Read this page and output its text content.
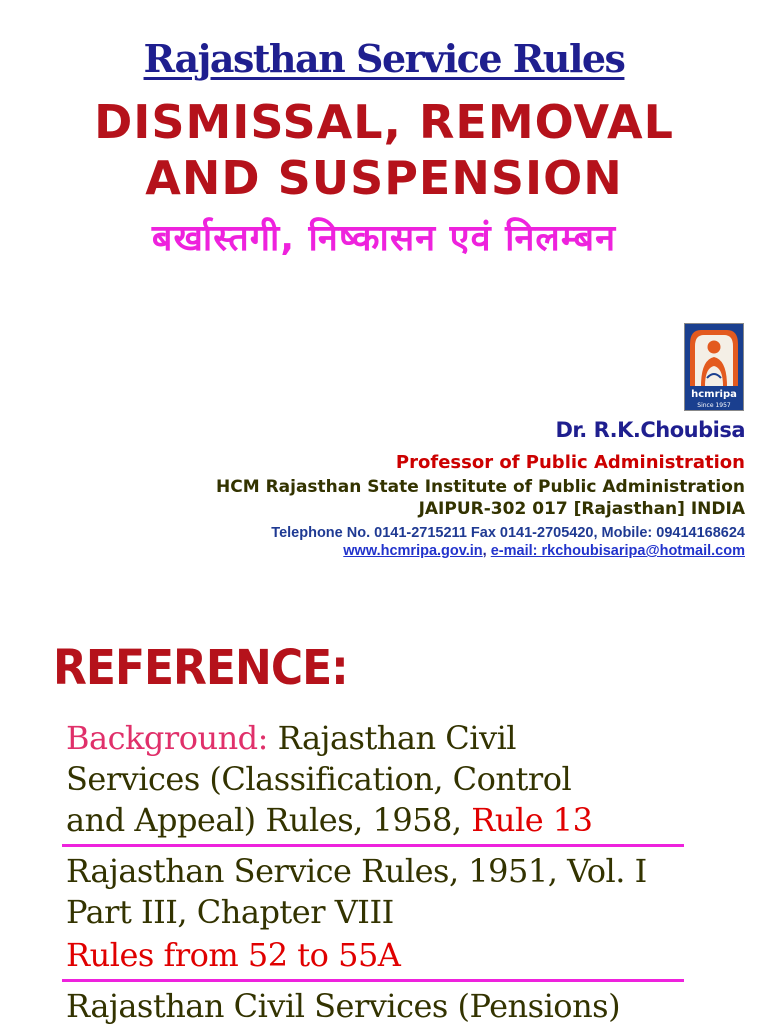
Rajasthan Service Rules
DISMISSAL, REMOVAL
AND SUSPENSION
बर्खास्तगी, निष्कासन एवं निलम्बन
hcmripa
Since 1957
Dr. R.K.Choubisa
Professor of Public Administration
HCM Rajasthan State Institute of Public Administration
JAIPUR-302 017 [Rajasthan] INDIA
Telephone No. 0141-2715211 Fax 0141-2705420, Mobile: 09414168624
www.hcmripa.gov.in, e-mail: rkchoubisaripa@hotmail.com
REFERENCE:
Background: Rajasthan Civil
Services (Classification, Control
and Appeal) Rules, 1958, Rule 13
Rajasthan Service Rules, 1951, Vol. I
Part III, Chapter VIII
Rules from 52 to 55A
Rajasthan Civil Services (Pensions)
